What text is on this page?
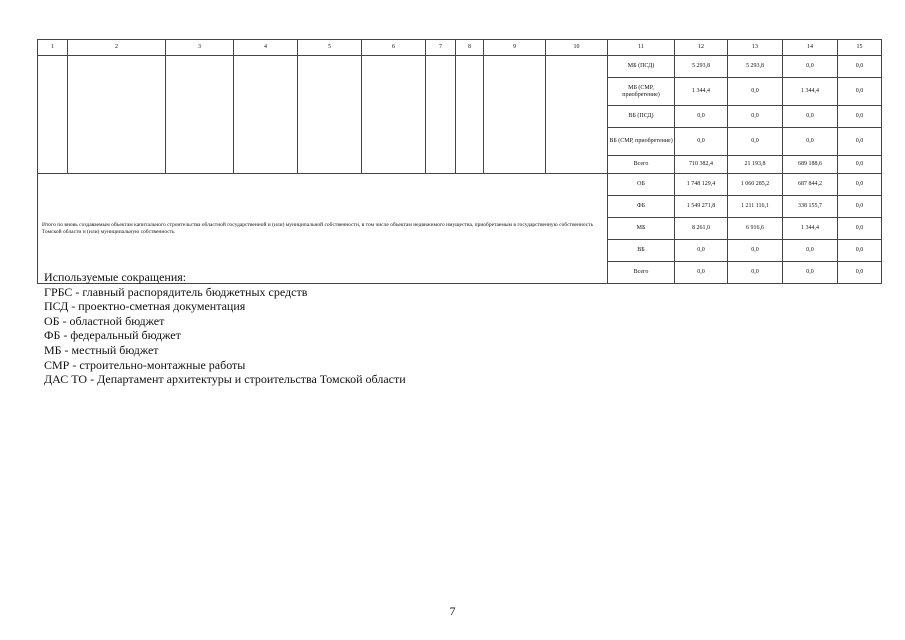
1	2	3	4	5	6	7	8	9	10	11	12	13	14	15
										МБ (ПСД)	5 293,8	5 293,8	0,0	0,0
										МБ (СМР, приобретение)	1 344,4	0,0	1 344,4	0,0
										ВБ (ПСД)	0,0	0,0	0,0	0,0
										ВБ (СМР, приобретение)	0,0	0,0	0,0	0,0
										Всего	710 382,4	21 193,8	689 188,6	0,0
Итого по вновь создаваемым объектам капитального строительства областной государственной и (или) муниципальной собственности, в том числе объектам недвижимого имущества, приобретаемым в государственную собственность Томской области и (или) муниципальную собственность										ОБ	1 748 129,4	1 060 285,2	687 844,2	0,0
										ФБ	1 549 271,8	1 211 116,1	338 155,7	0,0
										МБ	8 261,0	6 916,6	1 344,4	0,0
										ВБ	0,0	0,0	0,0	0,0
										Всего	0,0	0,0	0,0	0,0
Используемые сокращения:
ГРБС - главный распорядитель бюджетных средств
ПСД - проектно-сметная документация
ОБ - областной бюджет
ФБ - федеральный бюджет
МБ - местный бюджет
СМР - строительно-монтажные работы
ДАС ТО - Департамент архитектуры и строительства Томской области
7
